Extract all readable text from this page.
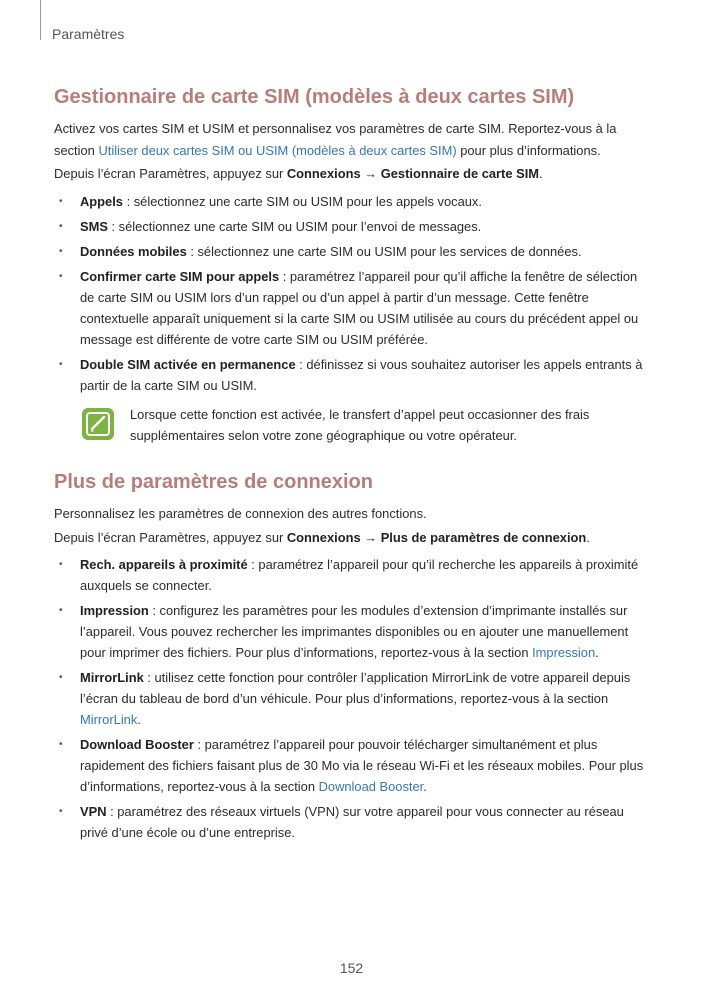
Paramètres
Gestionnaire de carte SIM (modèles à deux cartes SIM)

Activez vos cartes SIM et USIM et personnalisez vos paramètres de carte SIM. Reportez-vous à la section Utiliser deux cartes SIM ou USIM (modèles à deux cartes SIM) pour plus d’informations.

Depuis l’écran Paramètres, appuyez sur Connexions → Gestionnaire de carte SIM.

• Appels : sélectionnez une carte SIM ou USIM pour les appels vocaux.
• SMS : sélectionnez une carte SIM ou USIM pour l’envoi de messages.
• Données mobiles : sélectionnez une carte SIM ou USIM pour les services de données.
• Confirmer carte SIM pour appels : paramétrez l’appareil pour qu’il affiche la fenêtre de sélection de carte SIM ou USIM lors d’un rappel ou d’un appel à partir d’un message. Cette fenêtre contextuelle apparaît uniquement si la carte SIM ou USIM utilisée au cours du précédent appel ou message est différente de votre carte SIM ou USIM préférée.
• Double SIM activée en permanence : définissez si vous souhaitez autoriser les appels entrants à partir de la carte SIM ou USIM.
Lorsque cette fonction est activée, le transfert d’appel peut occasionner des frais supplémentaires selon votre zone géographique ou votre opérateur.
Plus de paramètres de connexion

Personnalisez les paramètres de connexion des autres fonctions.

Depuis l’écran Paramètres, appuyez sur Connexions → Plus de paramètres de connexion.

• Rech. appareils à proximité : paramétrez l’appareil pour qu’il recherche les appareils à proximité auxquels se connecter.
• Impression : configurez les paramètres pour les modules d’extension d’imprimante installés sur l’appareil. Vous pouvez rechercher les imprimantes disponibles ou en ajouter une manuellement pour imprimer des fichiers. Pour plus d’informations, reportez-vous à la section Impression.
• MirrorLink : utilisez cette fonction pour contrôler l’application MirrorLink de votre appareil depuis l’écran du tableau de bord d’un véhicule. Pour plus d’informations, reportez-vous à la section MirrorLink.
• Download Booster : paramétrez l’appareil pour pouvoir télécharger simultanément et plus rapidement des fichiers faisant plus de 30 Mo via le réseau Wi-Fi et les réseaux mobiles. Pour plus d’informations, reportez-vous à la section Download Booster.
• VPN : paramétrez des réseaux virtuels (VPN) sur votre appareil pour vous connecter au réseau privé d’une école ou d’une entreprise.
152
